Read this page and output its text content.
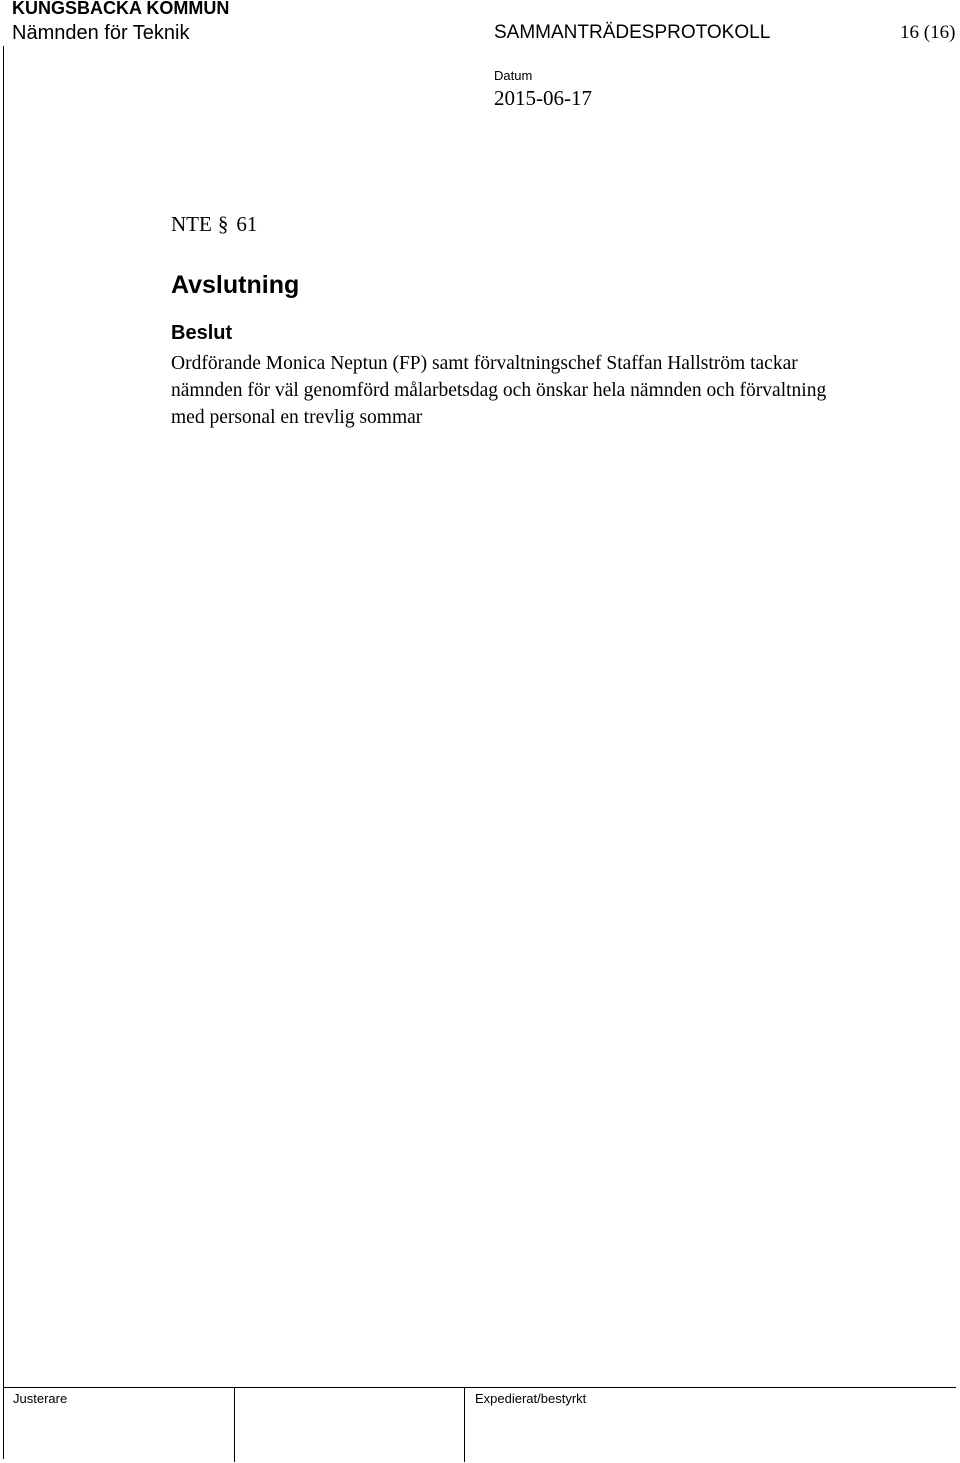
KUNGSBACKA KOMMUN
Nämnden för Teknik	SAMMANTRÄDESPROTOKOLL	16 (16)
Datum
2015-06-17
NTE § 61
Avslutning
Beslut

Ordförande Monica Neptun (FP) samt förvaltningschef Staffan Hallström tackar
nämnden för väl genomförd målarbetsdag och önskar hela nämnden och förvaltning
med personal en trevlig sommar

Justerare	Expedierat/bestyrkt
